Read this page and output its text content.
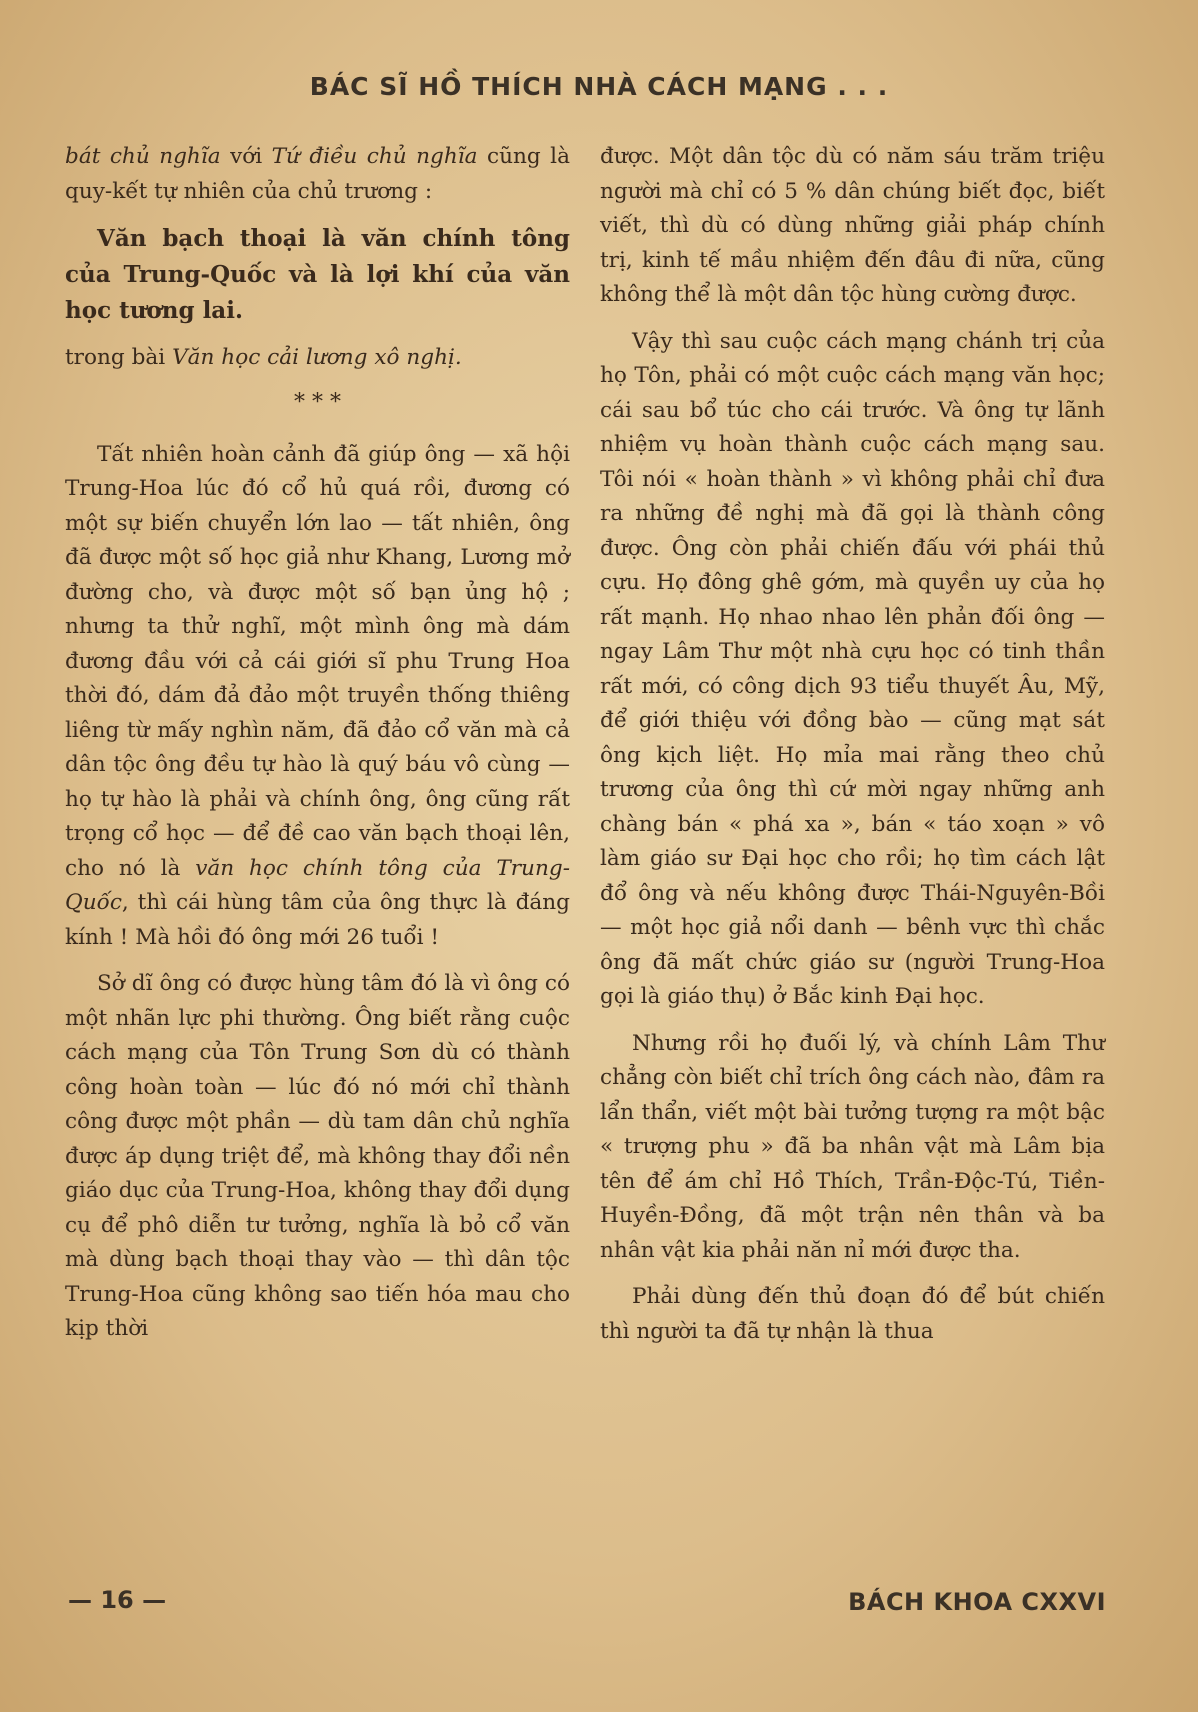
BÁC SĨ HỒ THÍCH NHÀ CÁCH MẠNG . . .

bát chủ nghĩa với Tứ điều chủ nghĩa cũng là quy-kết tự nhiên của chủ trương :

Văn bạch thoại là văn chính tông của Trung-Quốc và là lợi khí của văn học tương lai.

trong bài Văn học cải lương xô nghị.

* * *

Tất nhiên hoàn cảnh đã giúp ông — xã hội Trung-Hoa lúc đó cổ hủ quá rồi, đương có một sự biến chuyển lớn lao — tất nhiên, ông đã được một số học giả như Khang, Lương mở đường cho, và được một số bạn ủng hộ ; nhưng ta thử nghĩ, một mình ông mà dám đương đầu với cả cái giới sĩ phu Trung Hoa thời đó, dám đả đảo một truyền thống thiêng liêng từ mấy nghìn năm, đã đảo cổ văn mà cả dân tộc ông đều tự hào là quý báu vô cùng — họ tự hào là phải và chính ông, ông cũng rất trọng cổ học — để đề cao văn bạch thoại lên, cho nó là văn học chính tông của Trung-Quốc, thì cái hùng tâm của ông thực là đáng kính ! Mà hồi đó ông mới 26 tuổi !

Sở dĩ ông có được hùng tâm đó là vì ông có một nhãn lực phi thường. Ông biết rằng cuộc cách mạng của Tôn Trung Sơn dù có thành công hoàn toàn — lúc đó nó mới chỉ thành công được một phần — dù tam dân chủ nghĩa được áp dụng triệt để, mà không thay đổi nền giáo dục của Trung-Hoa, không thay đổi dụng cụ để phô diễn tư tưởng, nghĩa là bỏ cổ văn mà dùng bạch thoại thay vào — thì dân tộc Trung-Hoa cũng không sao tiến hóa mau cho kịp thời

được. Một dân tộc dù có năm sáu trăm triệu người mà chỉ có 5 % dân chúng biết đọc, biết viết, thì dù có dùng những giải pháp chính trị, kinh tế mầu nhiệm đến đâu đi nữa, cũng không thể là một dân tộc hùng cường được.

Vậy thì sau cuộc cách mạng chánh trị của họ Tôn, phải có một cuộc cách mạng văn học; cái sau bổ túc cho cái trước. Và ông tự lãnh nhiệm vụ hoàn thành cuộc cách mạng sau. Tôi nói « hoàn thành » vì không phải chỉ đưa ra những đề nghị mà đã gọi là thành công được. Ông còn phải chiến đấu với phái thủ cựu. Họ đông ghê gớm, mà quyền uy của họ rất mạnh. Họ nhao nhao lên phản đối ông — ngay Lâm Thư một nhà cựu học có tinh thần rất mới, có công dịch 93 tiểu thuyết Âu, Mỹ, để giới thiệu với đồng bào — cũng mạt sát ông kịch liệt. Họ mỉa mai rằng theo chủ trương của ông thì cứ mời ngay những anh chàng bán « phá xa », bán « táo xoạn » vô làm giáo sư Đại học cho rồi; họ tìm cách lật đổ ông và nếu không được Thái-Nguyên-Bồi — một học giả nổi danh — bênh vực thì chắc ông đã mất chức giáo sư (người Trung-Hoa gọi là giáo thụ) ở Bắc kinh Đại học.

Nhưng rồi họ đuối lý, và chính Lâm Thư chẳng còn biết chỉ trích ông cách nào, đâm ra lẩn thẩn, viết một bài tưởng tượng ra một bậc « trượng phu » đã ba nhân vật mà Lâm bịa tên để ám chỉ Hồ Thích, Trần-Độc-Tú, Tiền-Huyền-Đồng, đã một trận nên thân và ba nhân vật kia phải năn nỉ mới được tha.

Phải dùng đến thủ đoạn đó để bút chiến thì người ta đã tự nhận là thua

— 16 —	BÁCH KHOA CXXVI
